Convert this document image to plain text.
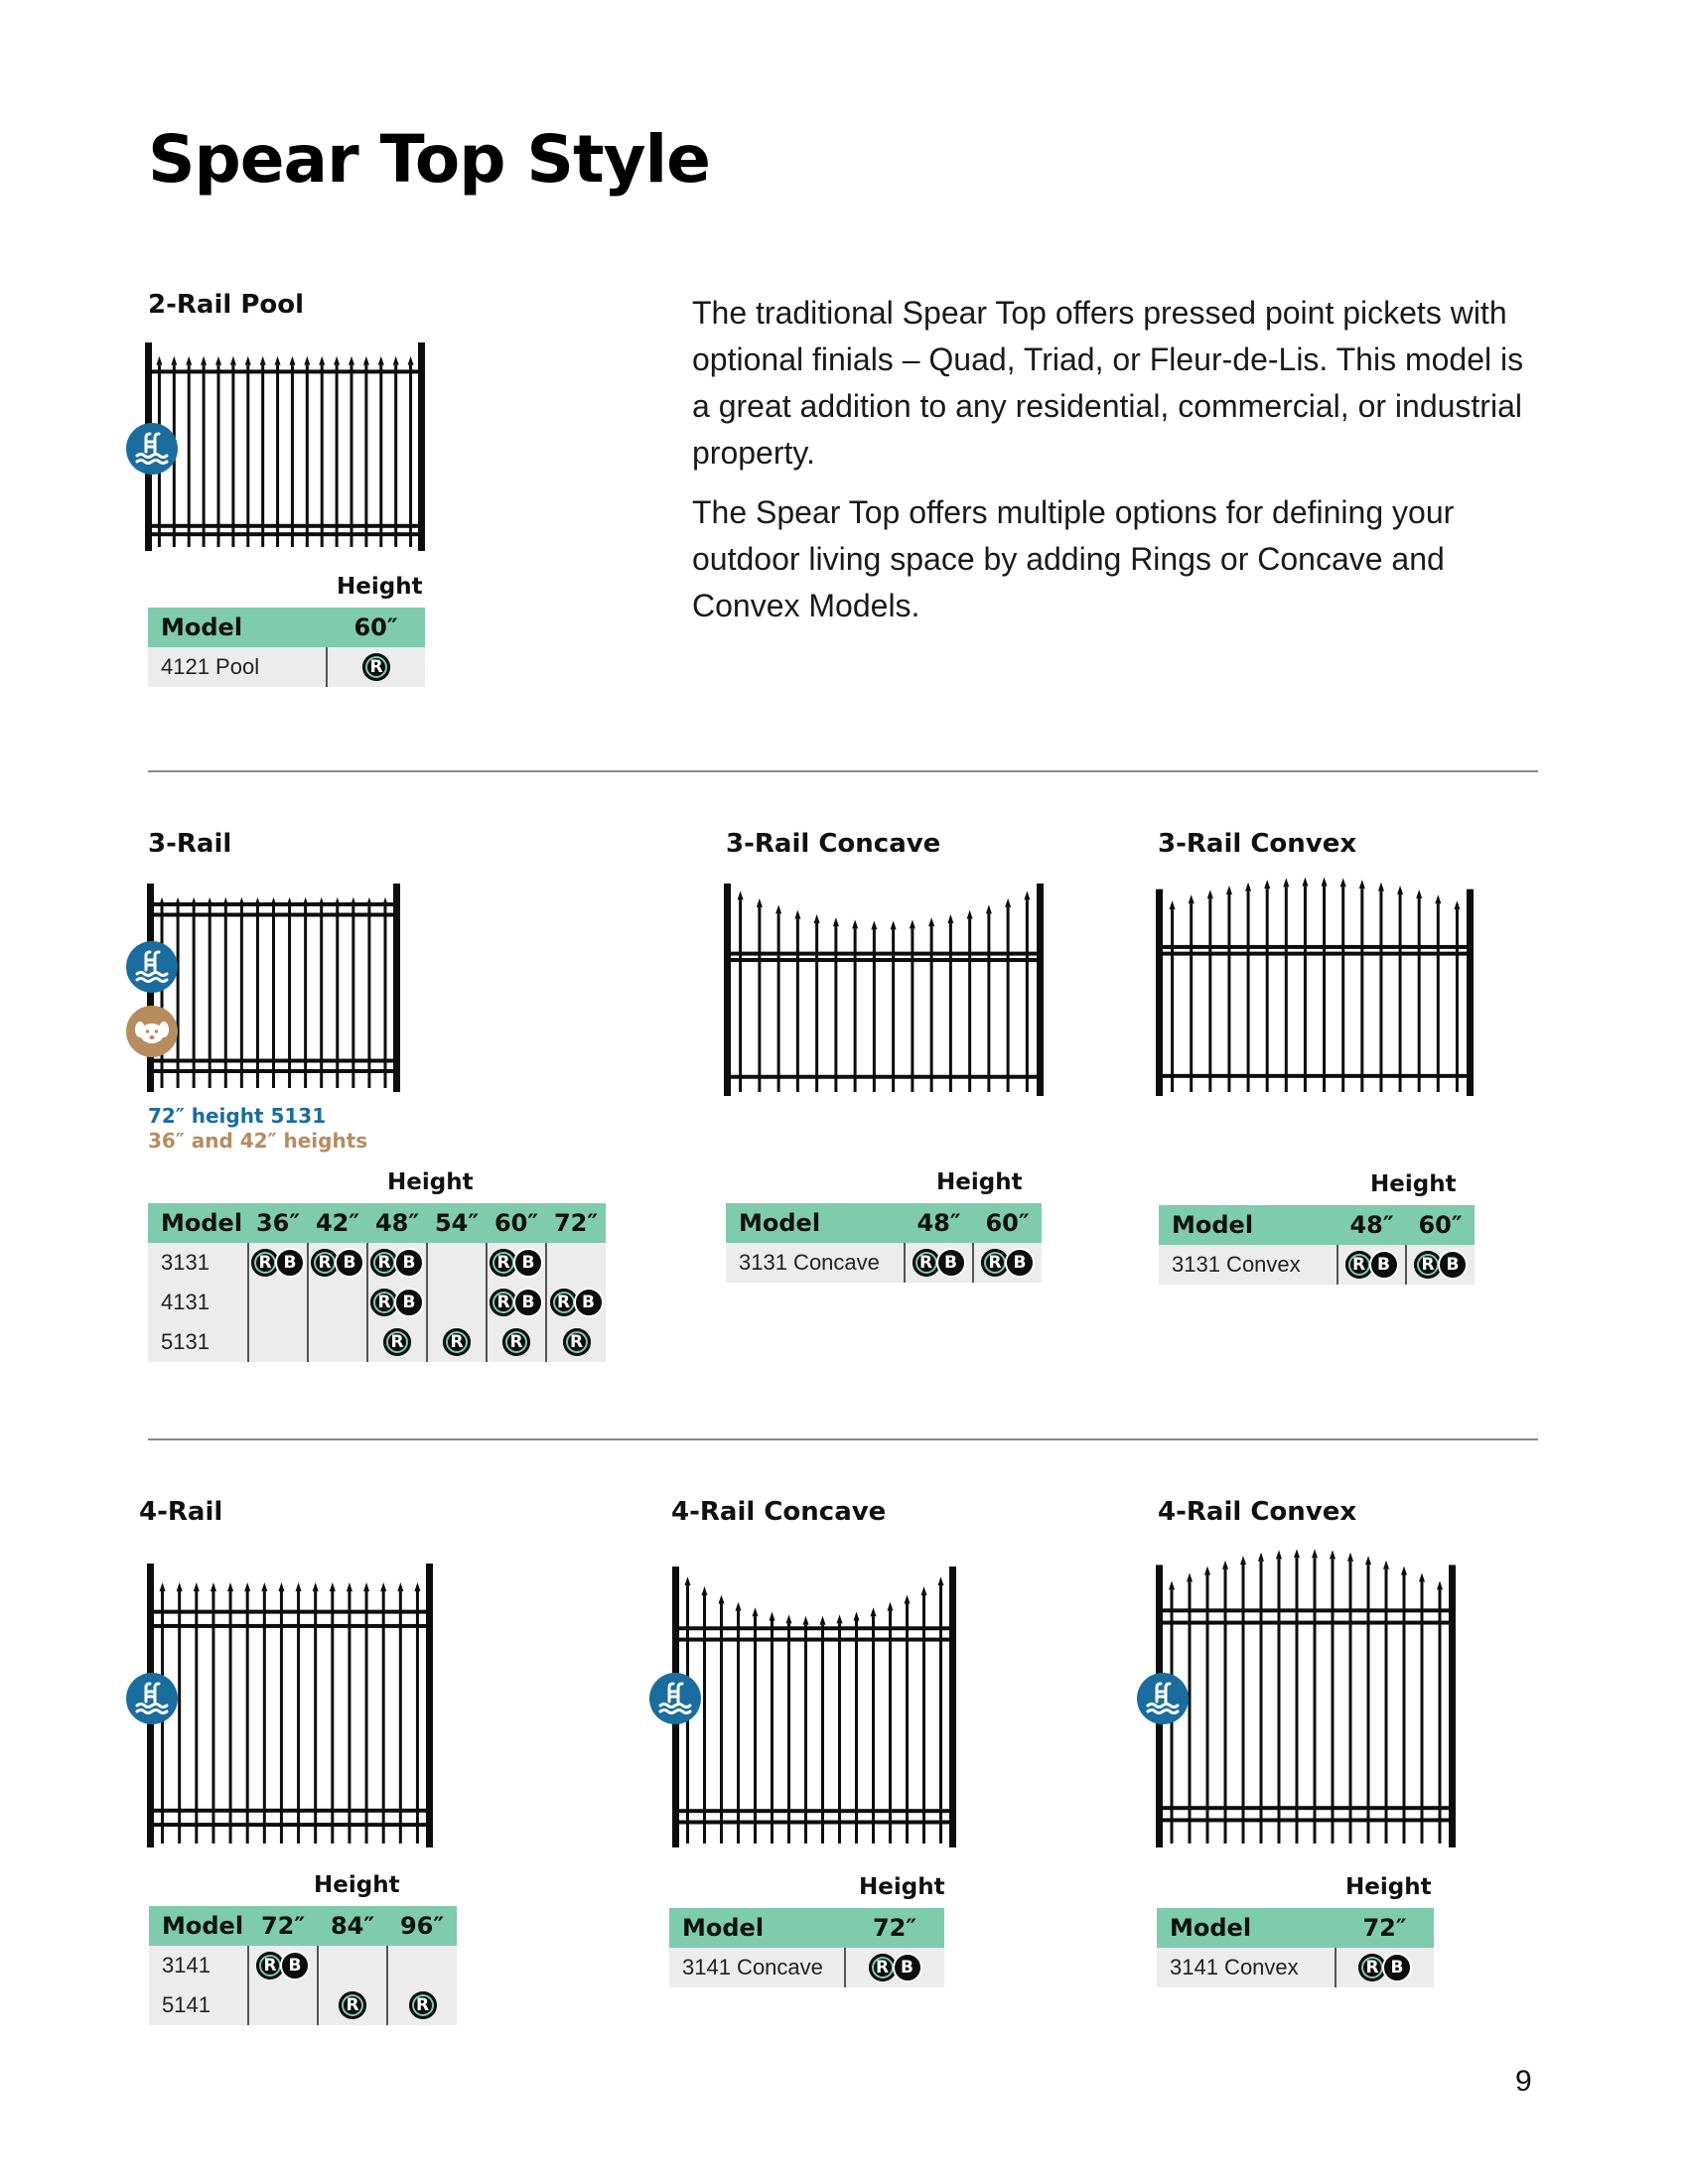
Spear Top Style

The traditional Spear Top offers pressed point pickets with optional finials – Quad, Triad, or Fleur-de-Lis. This model is a great addition to any residential, commercial, or industrial property.

The Spear Top offers multiple options for defining your outdoor living space by adding Rings or Concave and Convex Models.

2-Rail Pool
Height
Model	60″
4121 Pool	R
3-Rail
72″ height 5131
36″ and 42″ heights
Height
Model	36″	42″	48″	54″	60″	72″
3131	R B	R B	R B		R B	
4131			R B		R B	R B
5131			R	R	R	R
3-Rail Concave
Height
Model	48″	60″
3131 Concave	R B	R B
3-Rail Convex
Height
Model	48″	60″
3131 Convex	R B	R B
4-Rail
Height
Model	72″	84″	96″
3141	R B		
5141		R	R
4-Rail Concave
Height
Model	72″
3141 Concave	R B
4-Rail Convex
Height
Model	72″
3141 Convex	R B
9
